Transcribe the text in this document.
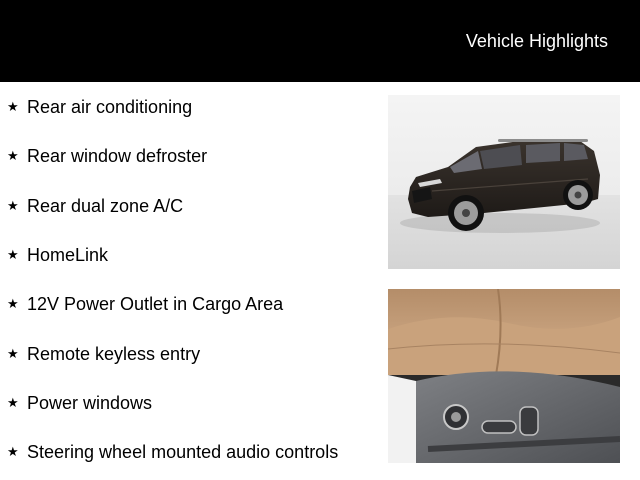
Vehicle Highlights
★ Rear air conditioning
★ Rear window defroster
★ Rear dual zone A/C
★ HomeLink
★ 12V Power Outlet in Cargo Area
★ Remote keyless entry
★ Power windows
★ Steering wheel mounted audio controls
